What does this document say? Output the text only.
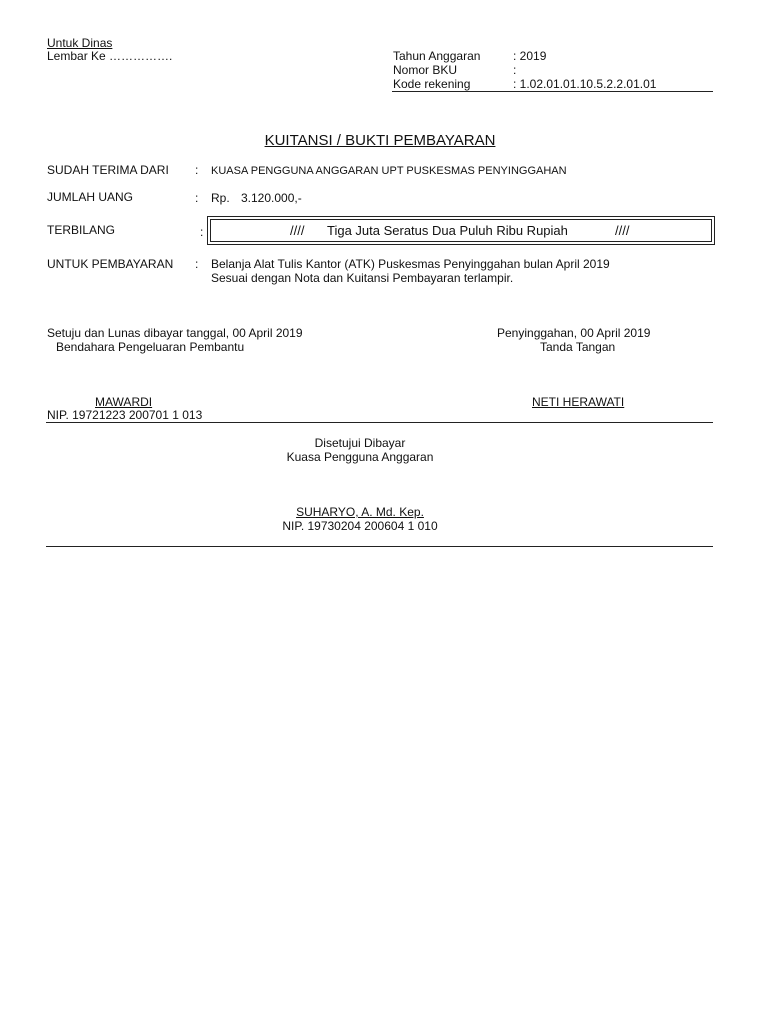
Untuk Dinas
Lembar Ke …………….	Tahun Anggaran	: 2019
Nomor BKU	:
Kode rekening	: 1.02.01.01.10.5.2.2.01.01
KUITANSI / BUKTI PEMBAYARAN
SUDAH TERIMA DARI : KUASA PENGGUNA ANGGARAN UPT PUSKESMAS PENYINGGAHAN
JUMLAH UANG	: Rp. 3.120.000,-
TERBILANG	:	//// Tiga Juta Seratus Dua Puluh Ribu Rupiah	////
UNTUK PEMBAYARAN : Belanja Alat Tulis Kantor (ATK) Puskesmas Penyinggahan bulan April 2019
Sesuai dengan Nota dan Kuitansi Pembayaran terlampir.
Setuju dan Lunas dibayar tanggal, 00 April 2019
Bendahara Pengeluaran Pembantu
Penyinggahan, 00 April 2019
Tanda Tangan
MAWARDI
NIP. 19721223 200701 1 013
NETI HERAWATI
Disetujui Dibayar
Kuasa Pengguna Anggaran
SUHARYO, A. Md. Kep.
NIP. 19730204 200604 1 010
